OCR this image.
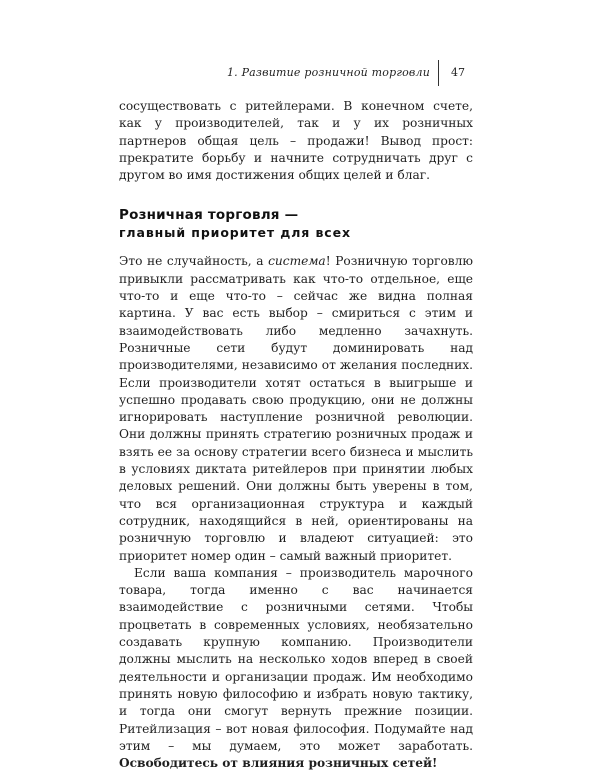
1. Развитие розничной торговли 47

сосуществовать с ритейлерами. В конечном счете, как у производителей, так и у их розничных партнеров общая цель – продажи! Вывод прост: прекратите борьбу и начните сотрудничать друг с другом во имя достижения общих целей и благ.

Розничная торговля —
главный приоритет для всех

Это не случайность, а система! Розничную торговлю привыкли рассматривать как что-то отдельное, еще что-то и еще что-то – сейчас же видна полная картина. У вас есть выбор – смириться с этим и взаимодействовать либо медленно зачахнуть. Розничные сети будут доминировать над производителями, независимо от желания последних. Если производители хотят остаться в выигрыше и успешно продавать свою продукцию, они не должны игнорировать наступление розничной революции. Они должны принять стратегию розничных продаж и взять ее за основу стратегии всего бизнеса и мыслить в условиях диктата ритейлеров при принятии любых деловых решений. Они должны быть уверены в том, что вся организационная структура и каждый сотрудник, находящийся в ней, ориентированы на розничную торговлю и владеют ситуацией: это приоритет номер один – самый важный приоритет.

Если ваша компания – производитель марочного товара, тогда именно с вас начинается взаимодействие с розничными сетями. Чтобы процветать в современных условиях, необязательно создавать крупную компанию. Производители должны мыслить на несколько ходов вперед в своей деятельности и организации продаж. Им необходимо принять новую философию и избрать новую тактику, и тогда они смогут вернуть прежние позиции. Ритейлизация – вот новая философия. Подумайте над этим – мы думаем, это может заработать. Освободитесь от влияния розничных сетей!
